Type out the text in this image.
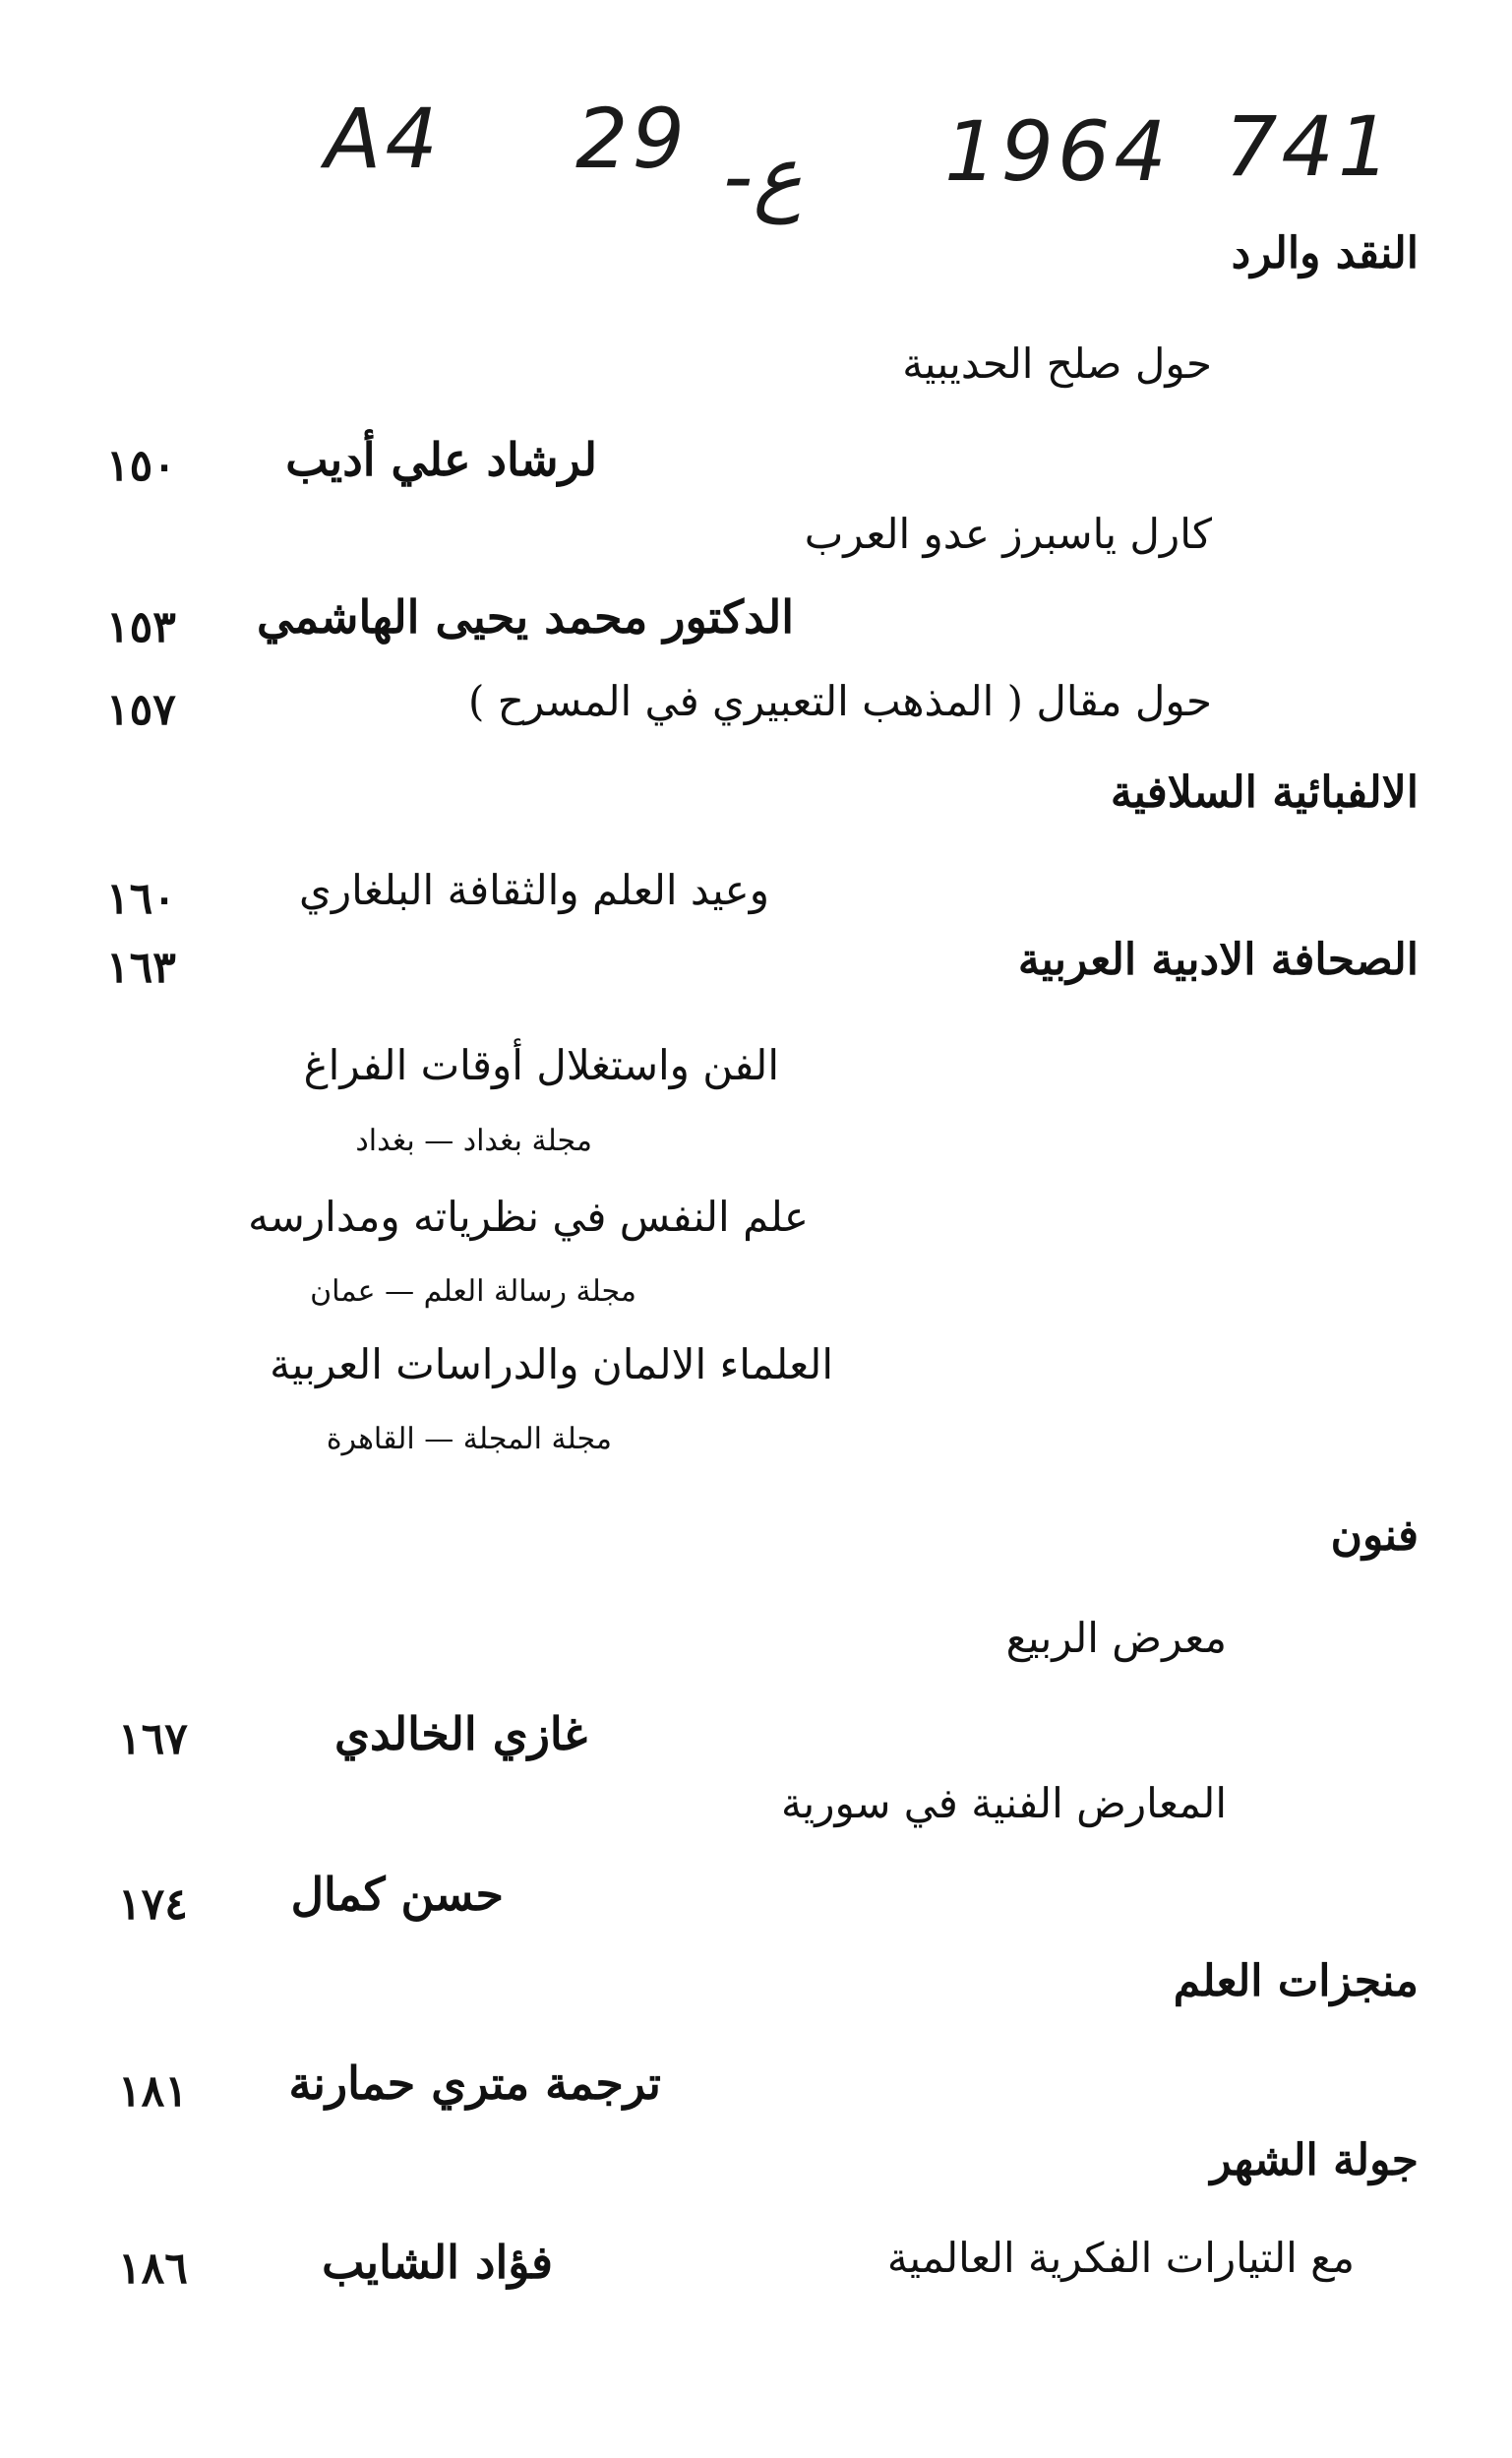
A4 29 -ع 1964 741
النقد والرد
حول صلح الحديبية
لرشاد علي أديب
١٥٠
كارل ياسبرز عدو العرب
الدكتور محمد يحيى الهاشمي
١٥٣
حول مقال ( المذهب التعبيري في المسرح )
١٥٧
الالفبائية السلافية
وعيد العلم والثقافة البلغاري
١٦٠
الصحافة الادبية العربية
١٦٣
الفن واستغلال أوقات الفراغ
مجلة بغداد — بغداد
علم النفس في نظرياته ومدارسه
مجلة رسالة العلم — عمان
العلماء الالمان والدراسات العربية
مجلة المجلة — القاهرة
فنون
معرض الربيع
غازي الخالدي
١٦٧
المعارض الفنية في سورية
حسن كمال
١٧٤
منجزات العلم
ترجمة متري حمارنة
١٨١
جولة الشهر
مع التيارات الفكرية العالمية
فؤاد الشايب
١٨٦
